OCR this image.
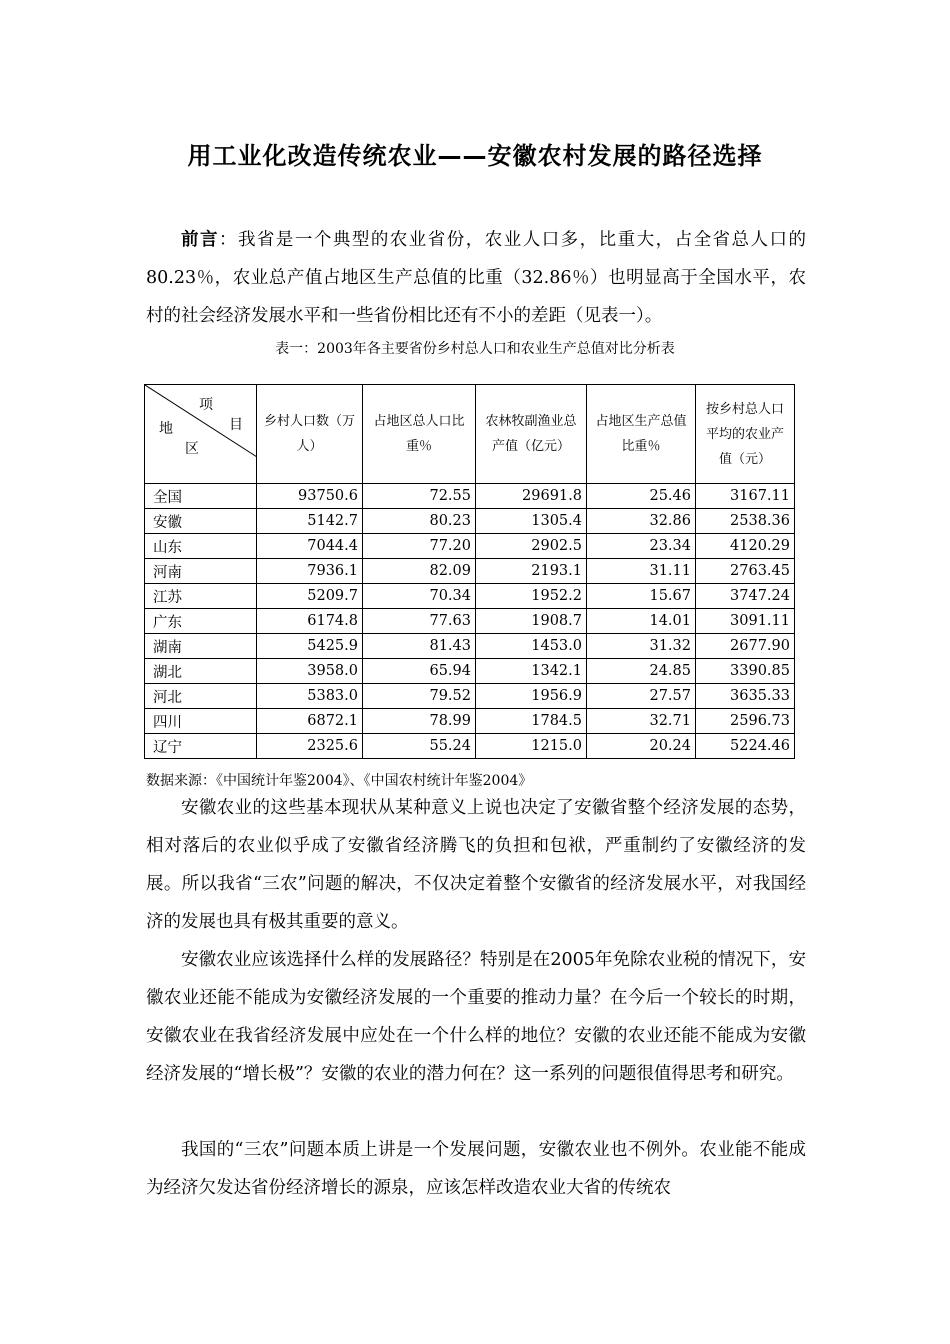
用工业化改造传统农业——安徽农村发展的路径选择

前言：我省是一个典型的农业省份，农业人口多，比重大，占全省总人口的80.23％，农业总产值占地区生产总值的比重（32.86％）也明显高于全国水平，农村的社会经济发展水平和一些省份相比还有不小的差距（见表一）。

表一：2003年各主要省份乡村总人口和农业生产总值对比分析表
项
目
地
区	乡村人口数（万人）	占地区总人口比重％	农林牧副渔业总产值（亿元）	占地区生产总值比重％	按乡村总人口平均的农业产值（元）
全国	93750.6	72.55	29691.8	25.46	3167.11
安徽	5142.7	80.23	1305.4	32.86	2538.36
山东	7044.4	77.20	2902.5	23.34	4120.29
河南	7936.1	82.09	2193.1	31.11	2763.45
江苏	5209.7	70.34	1952.2	15.67	3747.24
广东	6174.8	77.63	1908.7	14.01	3091.11
湖南	5425.9	81.43	1453.0	31.32	2677.90
湖北	3958.0	65.94	1342.1	24.85	3390.85
河北	5383.0	79.52	1956.9	27.57	3635.33
四川	6872.1	78.99	1784.5	32.71	2596.73
辽宁	2325.6	55.24	1215.0	20.24	5224.46
数据来源：《中国统计年鉴2004》、《中国农村统计年鉴2004》

安徽农业的这些基本现状从某种意义上说也决定了安徽省整个经济发展的态势，相对落后的农业似乎成了安徽省经济腾飞的负担和包袱，严重制约了安徽经济的发展。所以我省“三农”问题的解决，不仅决定着整个安徽省的经济发展水平，对我国经济的发展也具有极其重要的意义。

安徽农业应该选择什么样的发展路径？特别是在2005年免除农业税的情况下，安徽农业还能不能成为安徽经济发展的一个重要的推动力量？在今后一个较长的时期，安徽农业在我省经济发展中应处在一个什么样的地位？安徽的农业还能不能成为安徽经济发展的“增长极”？安徽的农业的潜力何在？这一系列的问题很值得思考和研究。

我国的“三农”问题本质上讲是一个发展问题，安徽农业也不例外。农业能不能成为经济欠发达省份经济增长的源泉，应该怎样改造农业大省的传统农
